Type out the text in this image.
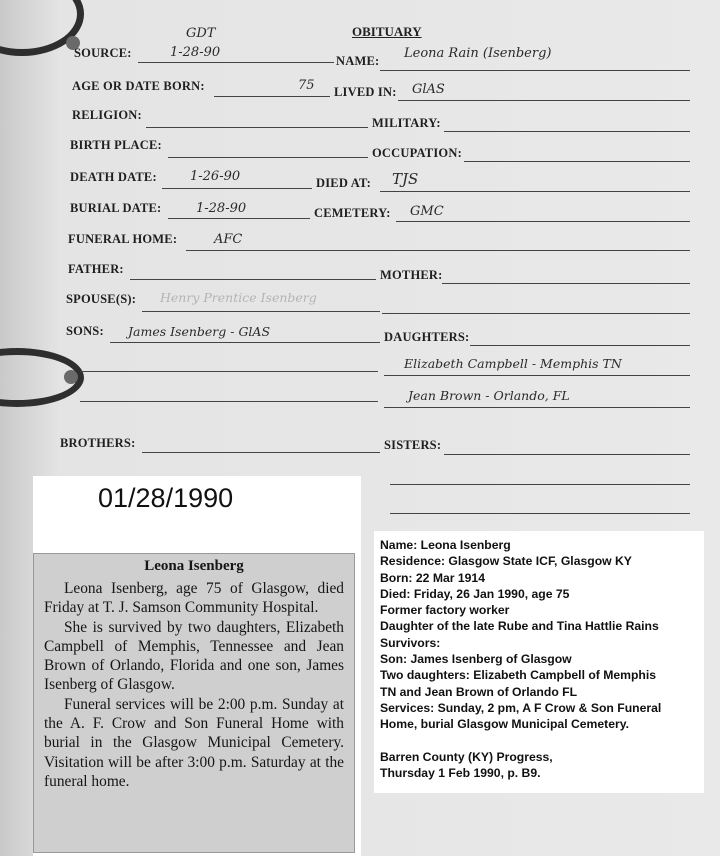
OBITUARY
GDT
SOURCE:	1-28-90
NAME: Leona Rain (Isenberg)
AGE OR DATE BORN:	75 LIVED IN: GlAS
RELIGION:
MILITARY:
BIRTH PLACE:
OCCUPATION:
DEATH DATE:	1-26-90	DIED AT: TJS
BURIAL DATE:	1-28-90	CEMETERY: GMC
FUNERAL HOME:	AFC
FATHER:	MOTHER:
SPOUSE(S): Henry Prentice Isenberg
SONS: James Isenberg - GlAS	DAUGHTERS:
Elizabeth Campbell - Memphis TN
Jean Brown - Orlando, FL
BROTHERS:	SISTERS:
01/28/1990
Leona Isenberg

Leona Isenberg, age 75 of Glasgow, died Friday at T. J. Samson Community Hospital.

She is survived by two daughters, Elizabeth Campbell of Memphis, Tennessee and Jean Brown of Orlando, Florida and one son, James Isenberg of Glasgow.

Funeral services will be 2:00 p.m. Sunday at the A. F. Crow and Son Funeral Home with burial in the Glasgow Municipal Cemetery. Visitation will be after 3:00 p.m. Saturday at the funeral home.

Name: Leona Isenberg
Residence: Glasgow State ICF, Glasgow KY
Born: 22 Mar 1914
Died: Friday, 26 Jan 1990, age 75
Former factory worker
Daughter of the late Rube and Tina Hattlie Rains
Survivors:
Son: James Isenberg of Glasgow
Two daughters: Elizabeth Campbell of Memphis
TN and Jean Brown of Orlando FL
Services: Sunday, 2 pm, A F Crow & Son Funeral
Home, burial Glasgow Municipal Cemetery.
Barren County (KY) Progress,
Thursday 1 Feb 1990, p. B9.
